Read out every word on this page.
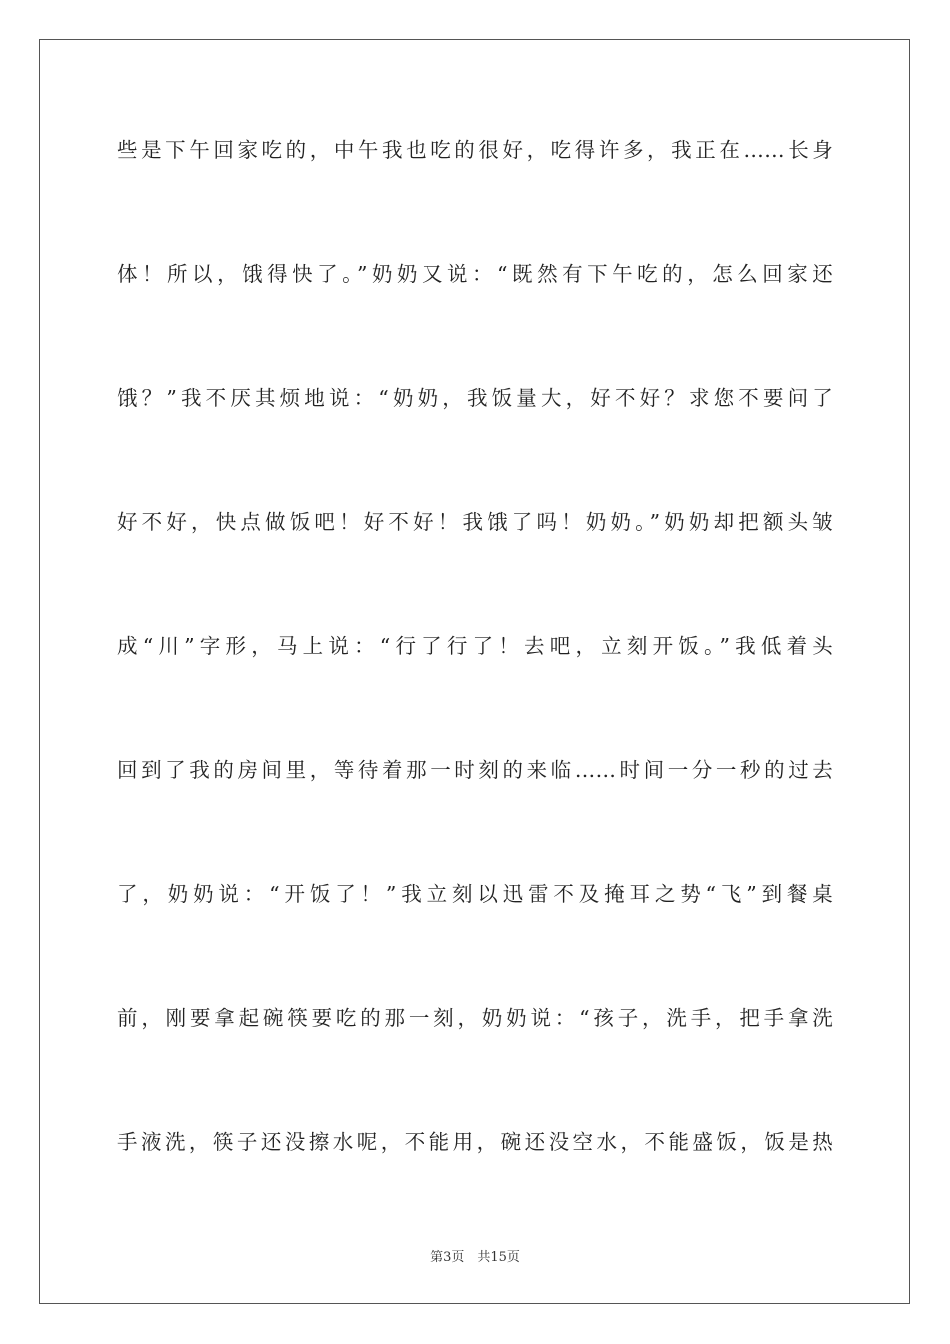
些是下午回家吃的，中午我也吃的很好，吃得许多，我正在……长身
体！所以，饿得快了。”奶奶又说：“既然有下午吃的，怎么回家还
饿？”我不厌其烦地说：“奶奶，我饭量大，好不好？求您不要问了
好不好，快点做饭吧！好不好！我饿了吗！奶奶。”奶奶却把额头皱
成“川”字形，马上说：“行了行了！去吧，立刻开饭。”我低着头
回到了我的房间里，等待着那一时刻的来临……时间一分一秒的过去
了，奶奶说：“开饭了！”我立刻以迅雷不及掩耳之势“飞”到餐桌
前，刚要拿起碗筷要吃的那一刻，奶奶说：“孩子，洗手，把手拿洗
手液洗，筷子还没擦水呢，不能用，碗还没空水，不能盛饭，饭是热
第3页　共15页
